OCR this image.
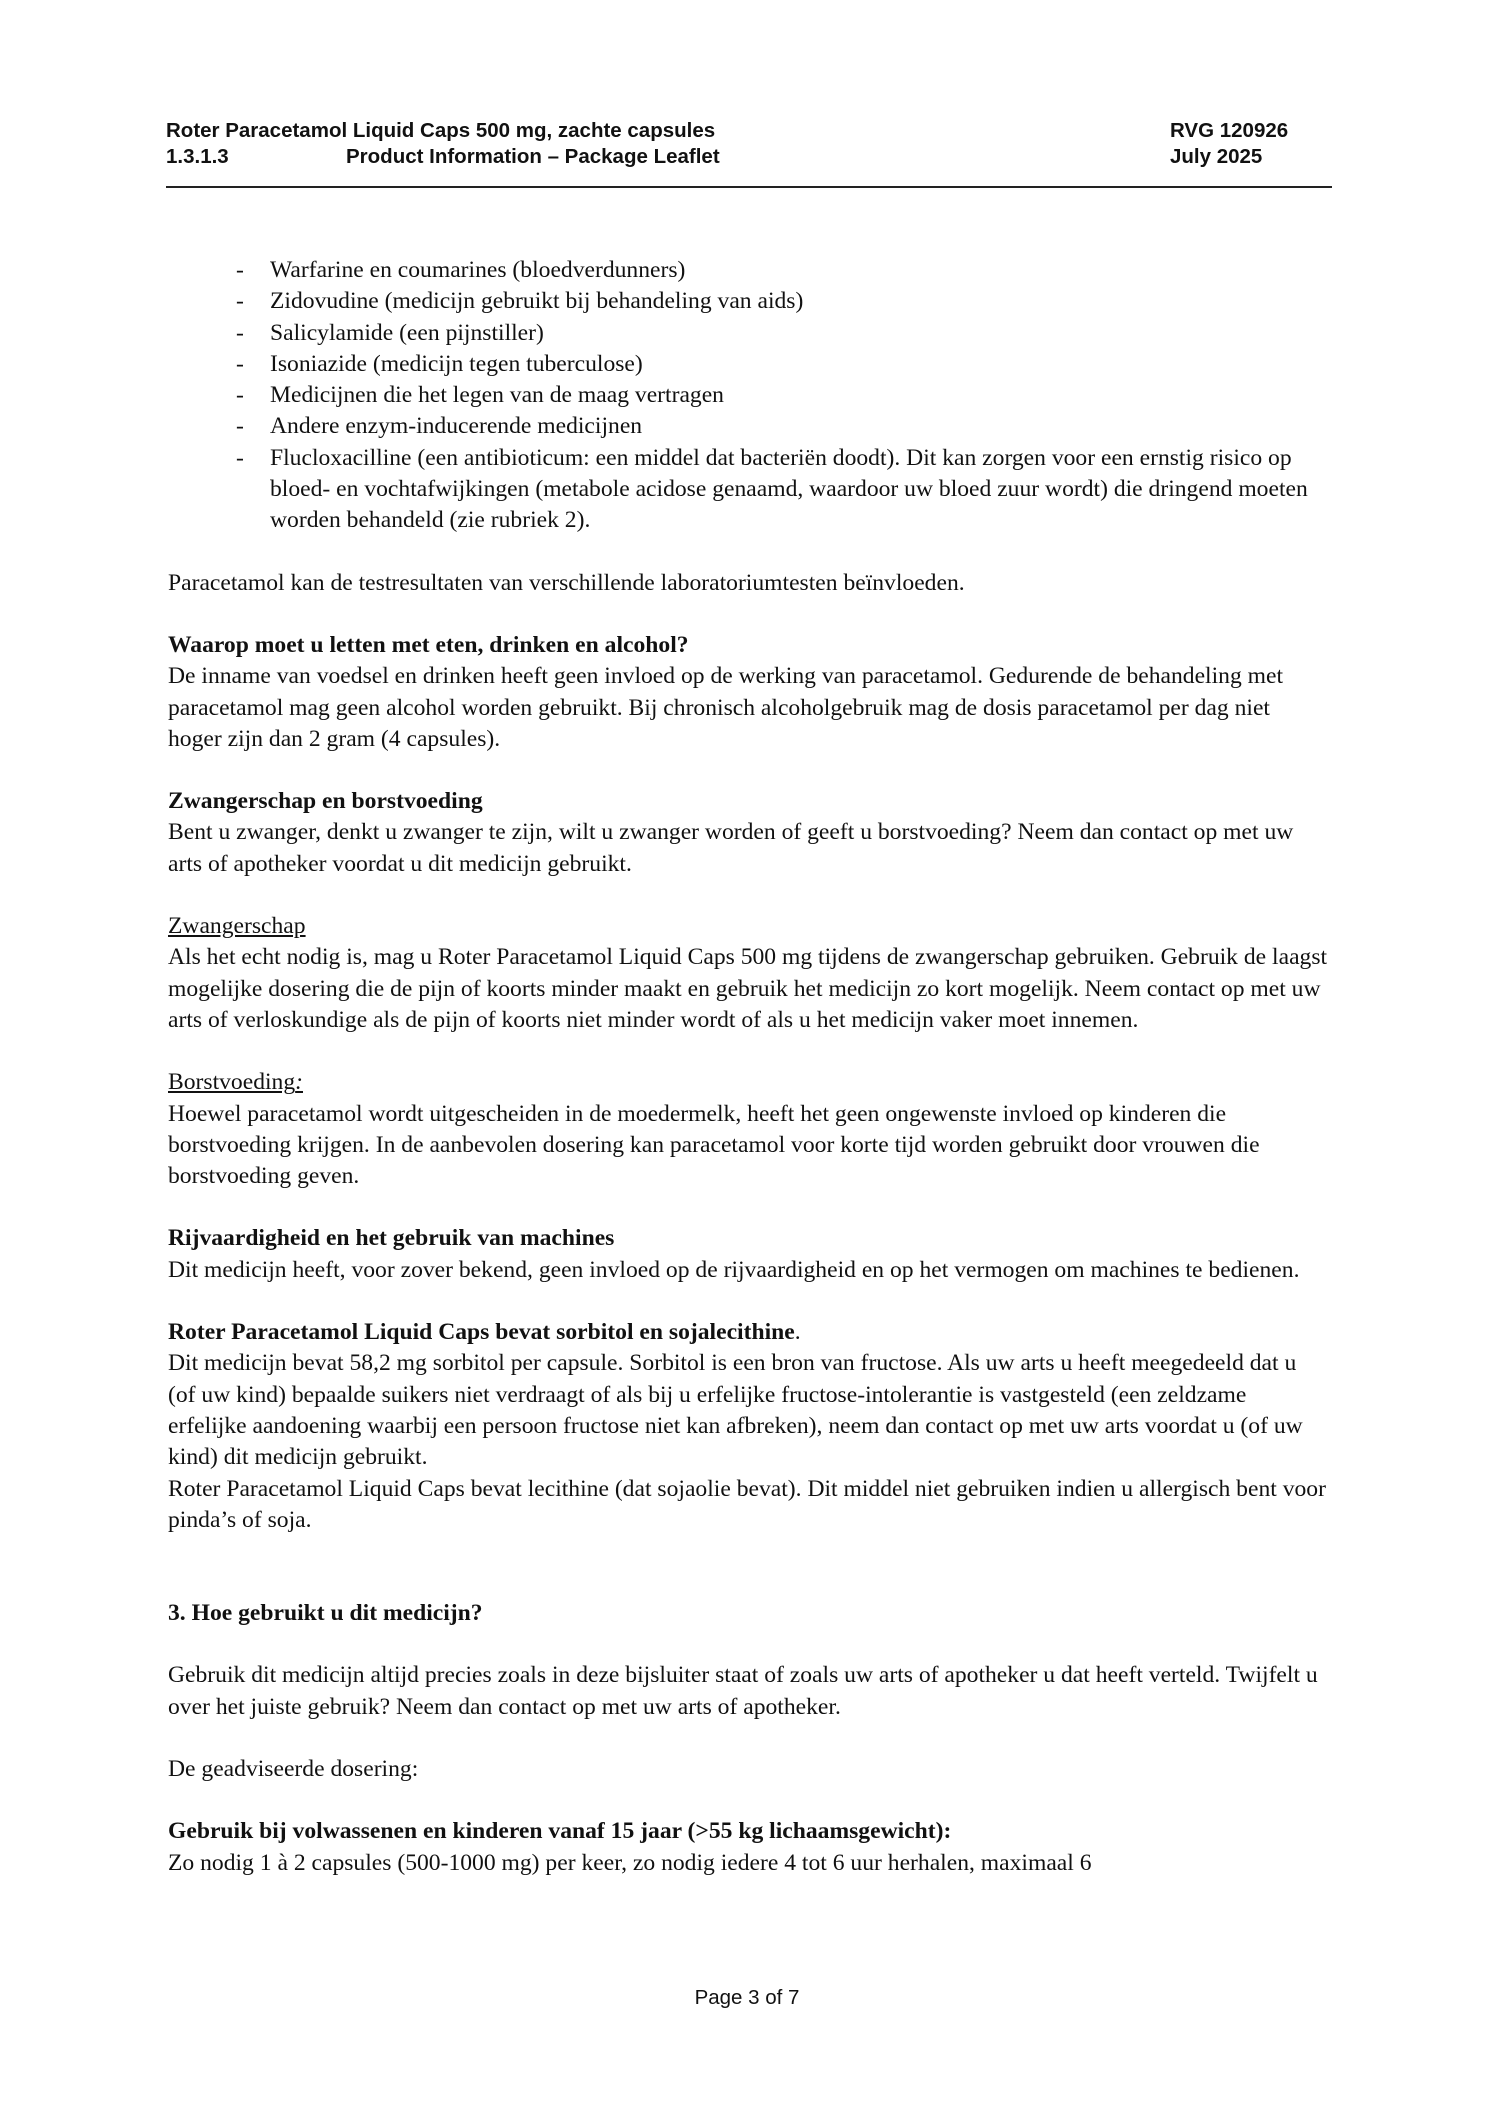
Roter Paracetamol Liquid Caps 500 mg, zachte capsules	RVG 120926
1.3.1.3	Product Information – Package Leaflet	July 2025
- Warfarine en coumarines (bloedverdunners)
- Zidovudine (medicijn gebruikt bij behandeling van aids)
- Salicylamide (een pijnstiller)
- Isoniazide (medicijn tegen tuberculose)
- Medicijnen die het legen van de maag vertragen
- Andere enzym-inducerende medicijnen
- Flucloxacilline (een antibioticum: een middel dat bacteriën doodt). Dit kan zorgen voor een ernstig risico op bloed- en vochtafwijkingen (metabole acidose genaamd, waardoor uw bloed zuur wordt) die dringend moeten worden behandeld (zie rubriek 2).

Paracetamol kan de testresultaten van verschillende laboratoriumtesten beïnvloeden.

Waarop moet u letten met eten, drinken en alcohol?

De inname van voedsel en drinken heeft geen invloed op de werking van paracetamol. Gedurende de behandeling met paracetamol mag geen alcohol worden gebruikt. Bij chronisch alcoholgebruik mag de dosis paracetamol per dag niet hoger zijn dan 2 gram (4 capsules).

Zwangerschap en borstvoeding

Bent u zwanger, denkt u zwanger te zijn, wilt u zwanger worden of geeft u borstvoeding? Neem dan contact op met uw arts of apotheker voordat u dit medicijn gebruikt.

Zwangerschap

Als het echt nodig is, mag u Roter Paracetamol Liquid Caps 500 mg tijdens de zwangerschap gebruiken. Gebruik de laagst mogelijke dosering die de pijn of koorts minder maakt en gebruik het medicijn zo kort mogelijk. Neem contact op met uw arts of verloskundige als de pijn of koorts niet minder wordt of als u het medicijn vaker moet innemen.

Borstvoeding:

Hoewel paracetamol wordt uitgescheiden in de moedermelk, heeft het geen ongewenste invloed op kinderen die borstvoeding krijgen. In de aanbevolen dosering kan paracetamol voor korte tijd worden gebruikt door vrouwen die borstvoeding geven.

Rijvaardigheid en het gebruik van machines

Dit medicijn heeft, voor zover bekend, geen invloed op de rijvaardigheid en op het vermogen om machines te bedienen.

Roter Paracetamol Liquid Caps bevat sorbitol en sojalecithine.

Dit medicijn bevat 58,2 mg sorbitol per capsule. Sorbitol is een bron van fructose. Als uw arts u heeft meegedeeld dat u (of uw kind) bepaalde suikers niet verdraagt of als bij u erfelijke fructose-intolerantie is vastgesteld (een zeldzame erfelijke aandoening waarbij een persoon fructose niet kan afbreken), neem dan contact op met uw arts voordat u (of uw kind) dit medicijn gebruikt.

Roter Paracetamol Liquid Caps bevat lecithine (dat sojaolie bevat). Dit middel niet gebruiken indien u allergisch bent voor pinda’s of soja.

3. Hoe gebruikt u dit medicijn?

Gebruik dit medicijn altijd precies zoals in deze bijsluiter staat of zoals uw arts of apotheker u dat heeft verteld. Twijfelt u over het juiste gebruik? Neem dan contact op met uw arts of apotheker.

De geadviseerde dosering:

Gebruik bij volwassenen en kinderen vanaf 15 jaar (>55 kg lichaamsgewicht):

Zo nodig 1 à 2 capsules (500-1000 mg) per keer, zo nodig iedere 4 tot 6 uur herhalen, maximaal 6

Page 3 of 7
